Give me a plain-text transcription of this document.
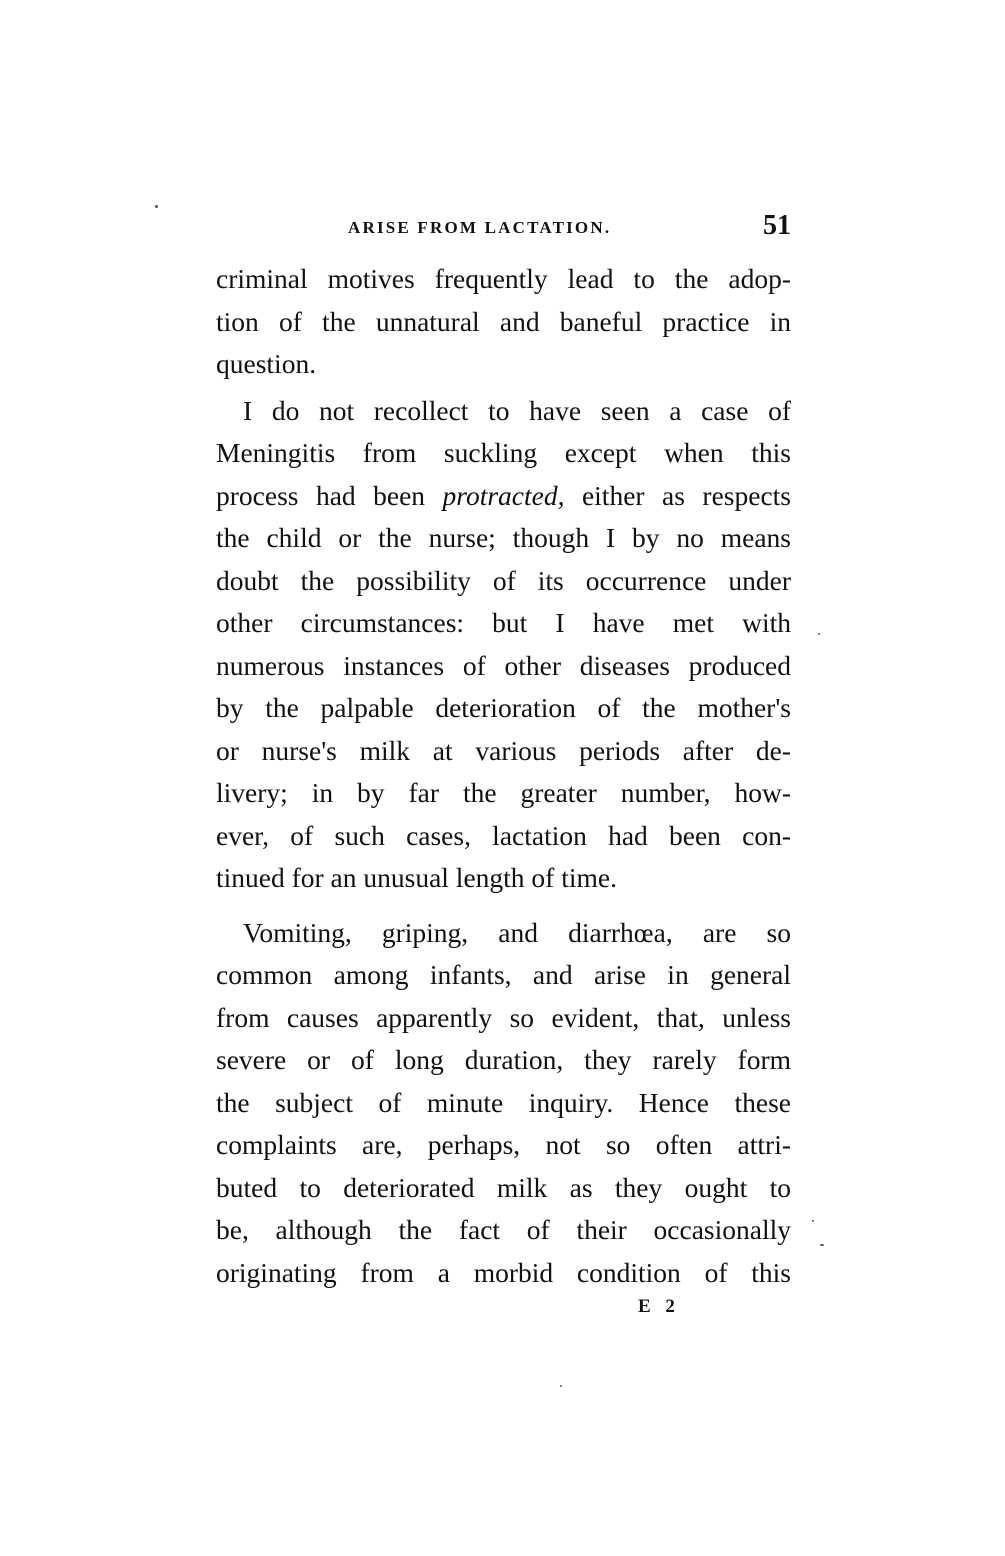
ARISE FROM LACTATION.	51
criminal motives frequently lead to the adop-
tion of the unnatural and baneful practice in
question.
I do not recollect to have seen a case of
Meningitis from suckling except when this
process had been protracted, either as respects
the child or the nurse; though I by no means
doubt the possibility of its occurrence under
other circumstances: but I have met with
numerous instances of other diseases produced
by the palpable deterioration of the mother's
or nurse's milk at various periods after de-
livery; in by far the greater number, how-
ever, of such cases, lactation had been con-
tinued for an unusual length of time.
Vomiting, griping, and diarrhœa, are so
common among infants, and arise in general
from causes apparently so evident, that, unless
severe or of long duration, they rarely form
the subject of minute inquiry. Hence these
complaints are, perhaps, not so often attri-
buted to deteriorated milk as they ought to
be, although the fact of their occasionally
originating from a morbid condition of this
E 2
